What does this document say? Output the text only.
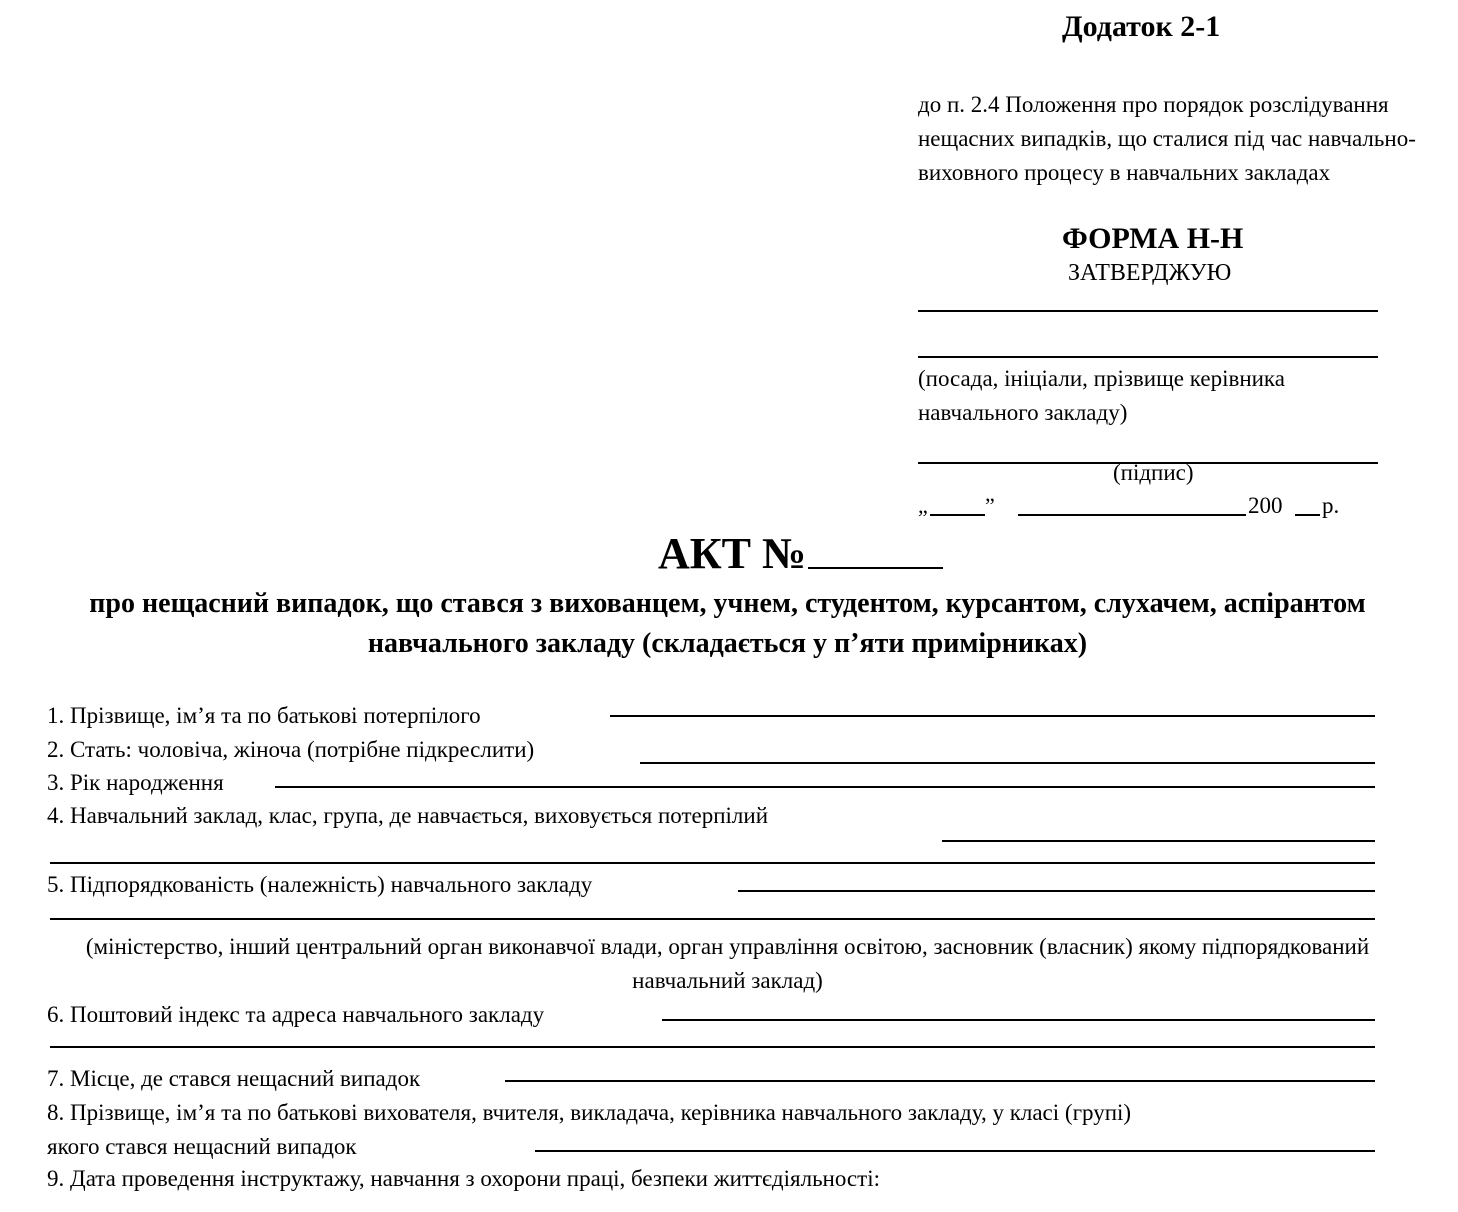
Додаток 2-1
до п. 2.4 Положення про порядок розслідування нещасних випадків, що сталися під час навчально-виховного процесу в навчальних закладах
ФОРМА Н-Н
ЗАТВЕРДЖУЮ
(посада, ініціали, прізвище керівника навчального закладу)
(підпис)
„	”	200 р.
АКТ №
про нещасний випадок, що стався з вихованцем, учнем, студентом, курсантом, слухачем, аспірантом навчального закладу (складається у п’яти примірниках)
1. Прізвище, ім’я та по батькові потерпілого
2. Стать: чоловіча, жіноча (потрібне підкреслити)
3. Рік народження
4. Навчальний заклад, клас, група, де навчається, виховується потерпілий
5. Підпорядкованість (належність) навчального закладу
(міністерство, інший центральний орган виконавчої влади, орган управління освітою, засновник (власник) якому підпорядкований навчальний заклад)
6. Поштовий індекс та адреса навчального закладу
7. Місце, де стався нещасний випадок
8. Прізвище, ім’я та по батькові вихователя, вчителя, викладача, керівника навчального закладу, у класі (групі)
якого стався нещасний випадок
9. Дата проведення інструктажу, навчання з охорони праці, безпеки життєдіяльності:
